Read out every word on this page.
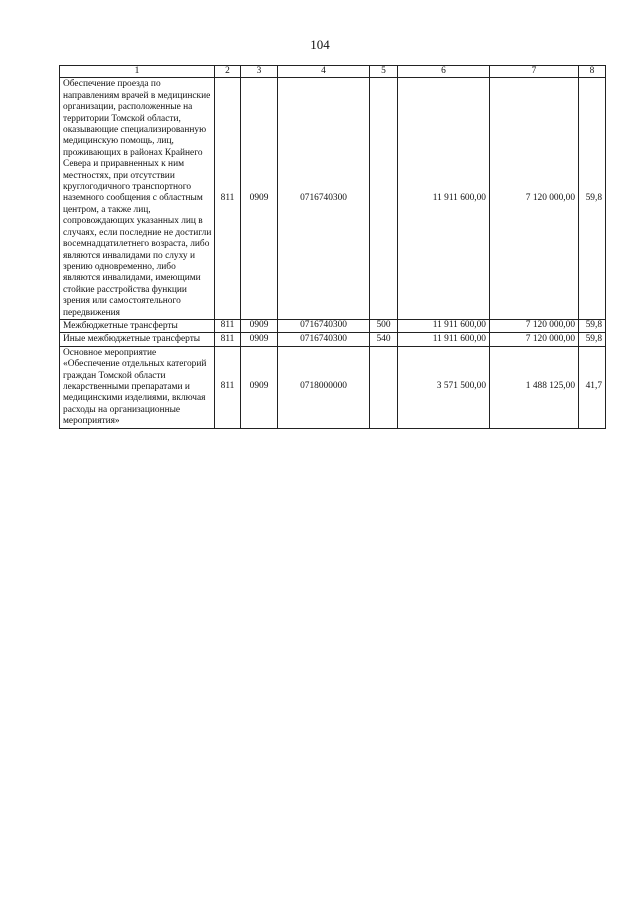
104
1	2	3	4	5	6	7	8
Обеспечение проезда по направлениям врачей в медицинские организации, расположенные на территории Томской области, оказывающие специализированную медицинскую помощь, лиц, проживающих в районах Крайнего Севера и приравненных к ним местностях, при отсутствии круглогодичного транспортного наземного сообщения с областным центром, а также лиц, сопровождающих указанных лиц в случаях, если последние не достигли восемнадцатилетнего возраста, либо являются инвалидами по слуху и зрению одновременно, либо являются инвалидами, имеющими стойкие расстройства функции зрения или самостоятельного передвижения	811	0909	0716740300		11 911 600,00	7 120 000,00	59,8
Межбюджетные трансферты	811	0909	0716740300	500	11 911 600,00	7 120 000,00	59,8
Иные межбюджетные трансферты	811	0909	0716740300	540	11 911 600,00	7 120 000,00	59,8
Основное мероприятие «Обеспечение отдельных категорий граждан Томской области лекарственными препаратами и медицинскими изделиями, включая расходы на организационные мероприятия»	811	0909	0718000000		3 571 500,00	1 488 125,00	41,7
